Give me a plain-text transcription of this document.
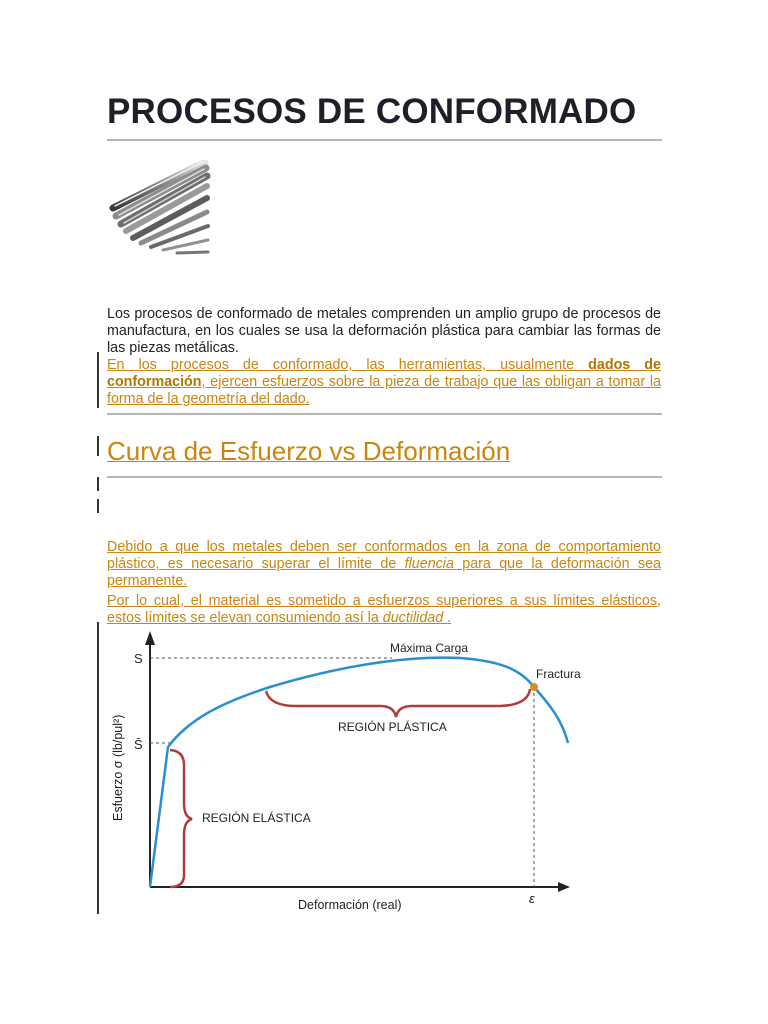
PROCESOS DE CONFORMADO

Los procesos de conformado de metales comprenden un amplio grupo de procesos de manufactura, en los cuales se usa la deformación plástica para cambiar las formas de las piezas metálicas.

En los procesos de conformado, las herramientas, usualmente dados de conformación, ejercen esfuerzos sobre la pieza de trabajo que las obligan a tomar la forma de la geometría del dado.

Curva de Esfuerzo vs Deformación

Debido a que los metales deben ser conformados en la zona de comportamiento plástico, es necesario superar el límite de fluencia para que la deformación sea permanente.

Por lo cual, el material es sometido a esfuerzos superiores a sus límites elásticos, estos límites se elevan consumiendo así la ductilidad .

S
S̄
Máxima Carga
Fractura
REGIÓN PLÁSTICA
REGIÓN ELÁSTICA
ε
Deformación (real)
Esfuerzo σ (lb/pul²)
